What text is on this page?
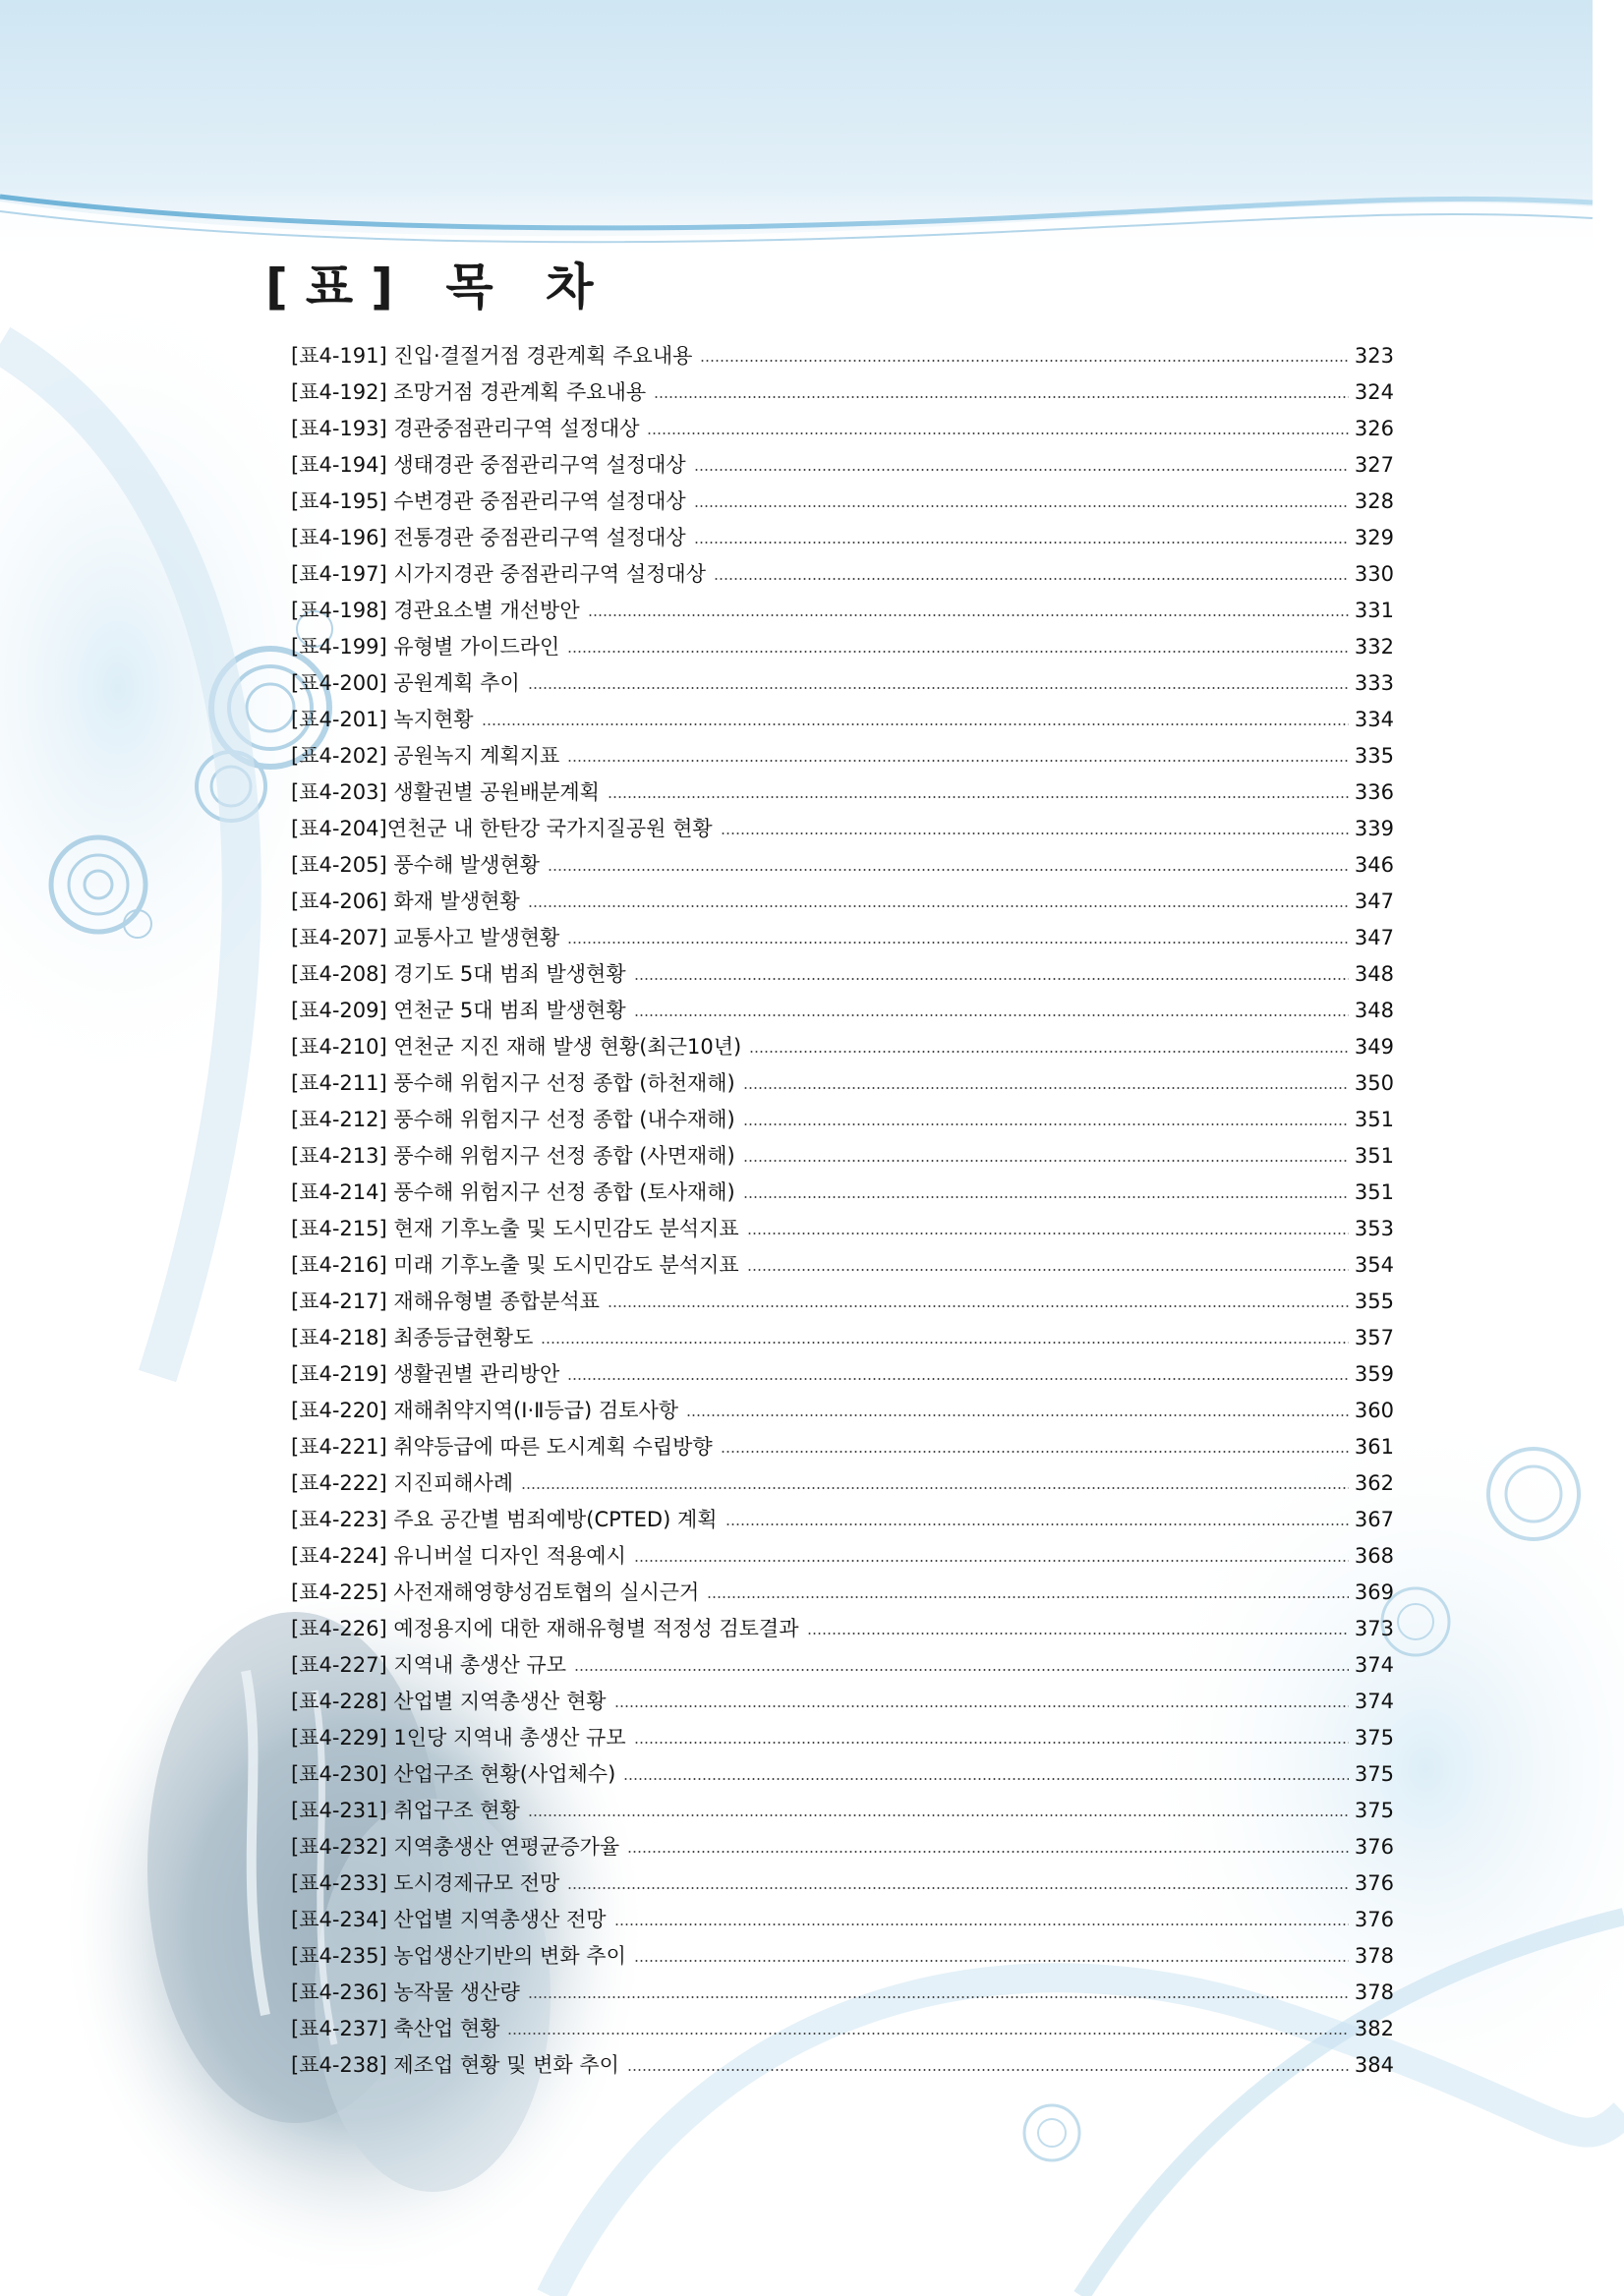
[표] 목 차
[표4-191] 진입·결절거점 경관계획 주요내용	323
[표4-192] 조망거점 경관계획 주요내용	324
[표4-193] 경관중점관리구역 설정대상	326
[표4-194] 생태경관 중점관리구역 설정대상	327
[표4-195] 수변경관 중점관리구역 설정대상	328
[표4-196] 전통경관 중점관리구역 설정대상	329
[표4-197] 시가지경관 중점관리구역 설정대상	330
[표4-198] 경관요소별 개선방안	331
[표4-199] 유형별 가이드라인	332
[표4-200] 공원계획 추이	333
[표4-201] 녹지현황	334
[표4-202] 공원녹지 계획지표	335
[표4-203] 생활권별 공원배분계획	336
[표4-204]연천군 내 한탄강 국가지질공원 현황	339
[표4-205] 풍수해 발생현황	346
[표4-206] 화재 발생현황	347
[표4-207] 교통사고 발생현황	347
[표4-208] 경기도 5대 범죄 발생현황	348
[표4-209] 연천군 5대 범죄 발생현황	348
[표4-210] 연천군 지진 재해 발생 현황(최근10년)	349
[표4-211] 풍수해 위험지구 선정 종합 (하천재해)	350
[표4-212] 풍수해 위험지구 선정 종합 (내수재해)	351
[표4-213] 풍수해 위험지구 선정 종합 (사면재해)	351
[표4-214] 풍수해 위험지구 선정 종합 (토사재해)	351
[표4-215] 현재 기후노출 및 도시민감도 분석지표	353
[표4-216] 미래 기후노출 및 도시민감도 분석지표	354
[표4-217] 재해유형별 종합분석표	355
[표4-218] 최종등급현황도	357
[표4-219] 생활권별 관리방안	359
[표4-220] 재해취약지역(Ⅰ·Ⅱ등급) 검토사항	360
[표4-221] 취약등급에 따른 도시계획 수립방향	361
[표4-222] 지진피해사례	362
[표4-223] 주요 공간별 범죄예방(CPTED) 계획	367
[표4-224] 유니버설 디자인 적용예시	368
[표4-225] 사전재해영향성검토협의 실시근거	369
[표4-226] 예정용지에 대한 재해유형별 적정성 검토결과	373
[표4-227] 지역내 총생산 규모	374
[표4-228] 산업별 지역총생산 현황	374
[표4-229] 1인당 지역내 총생산 규모	375
[표4-230] 산업구조 현황(사업체수)	375
[표4-231] 취업구조 현황	375
[표4-232] 지역총생산 연평균증가율	376
[표4-233] 도시경제규모 전망	376
[표4-234] 산업별 지역총생산 전망	376
[표4-235] 농업생산기반의 변화 추이	378
[표4-236] 농작물 생산량	378
[표4-237] 축산업 현황	382
[표4-238] 제조업 현황 및 변화 추이	384
